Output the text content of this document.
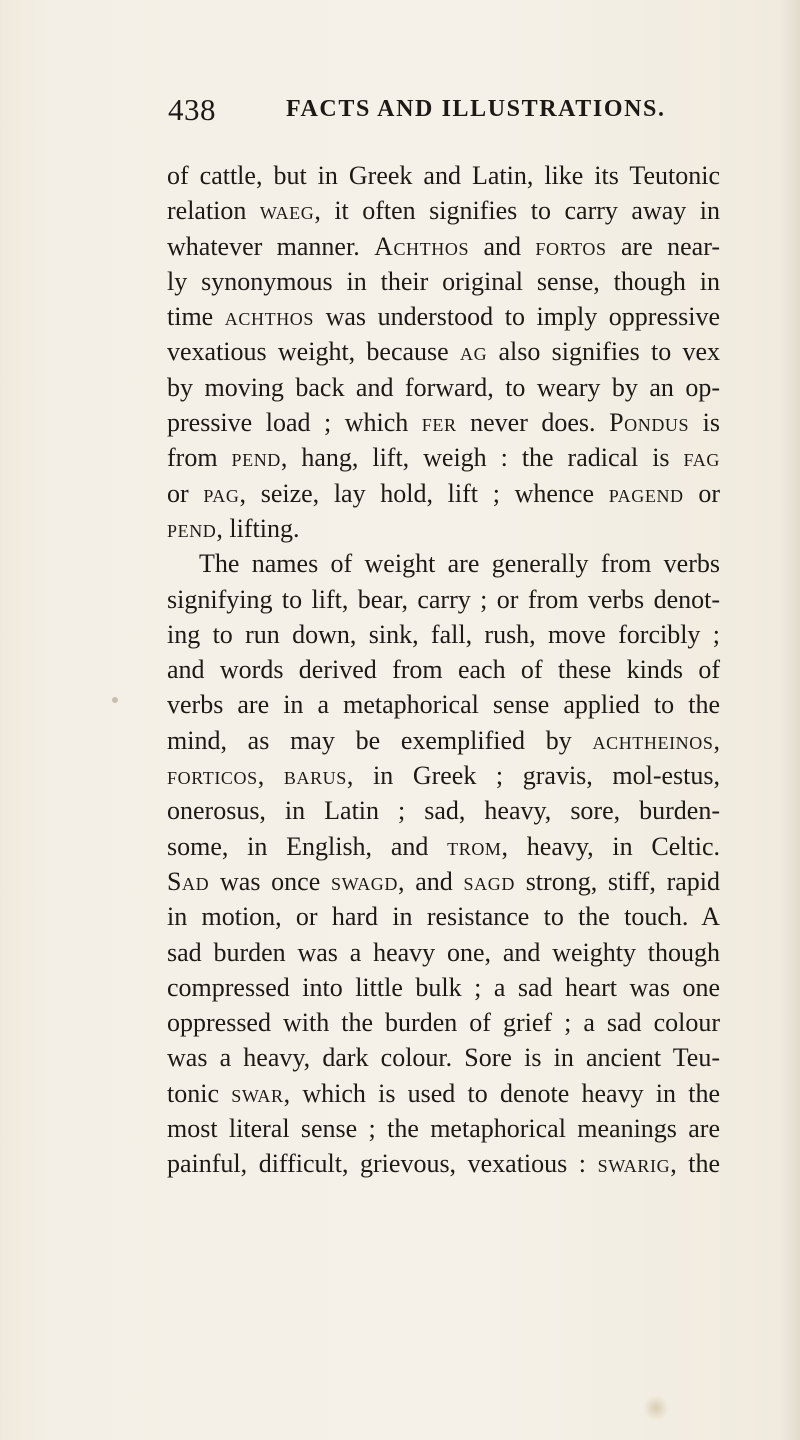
438	FACTS AND ILLUSTRATIONS.
of cattle, but in Greek and Latin, like its Teutonic
relation waeg, it often signifies to carry away in
whatever manner. Achthos and fortos are near-
ly synonymous in their original sense, though in
time achthos was understood to imply oppressive
vexatious weight, because ag also signifies to vex
by moving back and forward, to weary by an op-
pressive load ; which fer never does. Pondus is
from pend, hang, lift, weigh : the radical is fag
or pag, seize, lay hold, lift ; whence pagend or
pend, lifting.
The names of weight are generally from verbs
signifying to lift, bear, carry ; or from verbs denot-
ing to run down, sink, fall, rush, move forcibly ;
and words derived from each of these kinds of
verbs are in a metaphorical sense applied to the
mind, as may be exemplified by achtheinos,
forticos, barus, in Greek ; gravis, mol-estus,
onerosus, in Latin ; sad, heavy, sore, burden-
some, in English, and trom, heavy, in Celtic.
Sad was once swagd, and sagd strong, stiff, rapid
in motion, or hard in resistance to the touch. A
sad burden was a heavy one, and weighty though
compressed into little bulk ; a sad heart was one
oppressed with the burden of grief ; a sad colour
was a heavy, dark colour. Sore is in ancient Teu-
tonic swar, which is used to denote heavy in the
most literal sense ; the metaphorical meanings are
painful, difficult, grievous, vexatious : swarig, the
